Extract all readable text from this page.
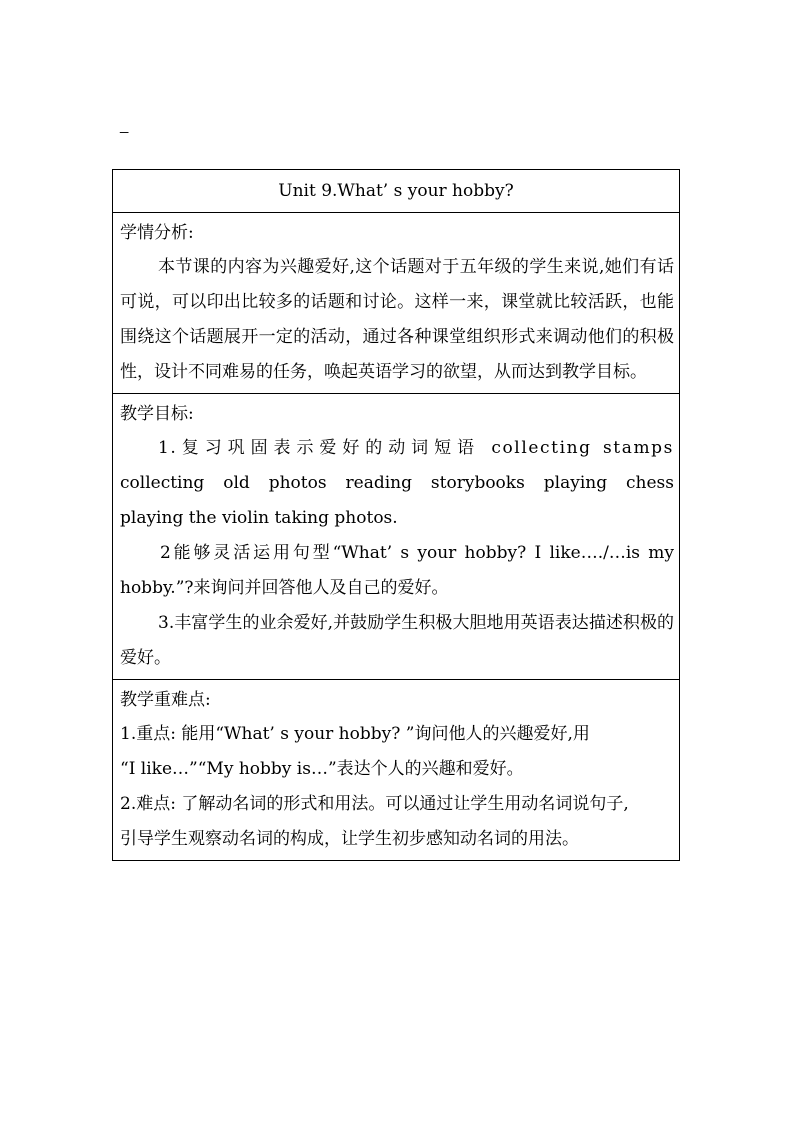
_
Unit 9.What’ s your hobby?

学情分析:
本节课的内容为兴趣爱好,这个话题对于五年级的学生来说,她们有话可说，可以印出比较多的话题和讨论。这样一来，课堂就比较活跃，也能围绕这个话题展开一定的活动，通过各种课堂组织形式来调动他们的积极性，设计不同难易的任务，唤起英语学习的欲望，从而达到教学目标。

教学目标:
1.复习巩固表示爱好的动词短语 collecting stamps
collecting old photos reading storybooks playing chess
playing the violin taking photos.
2能够灵活运用句型“What’ s your hobby? I like…./…is my hobby.”?来询问并回答他人及自己的爱好。
3.丰富学生的业余爱好,并鼓励学生积极大胆地用英语表达描述积极的爱好。

教学重难点:
1.重点: 能用“What’ s your hobby? ”询问他人的兴趣爱好,用
“I like…”“My hobby is…”表达个人的兴趣和爱好。
2.难点: 了解动名词的形式和用法。可以通过让学生用动名词说句子,
引导学生观察动名词的构成，让学生初步感知动名词的用法。
